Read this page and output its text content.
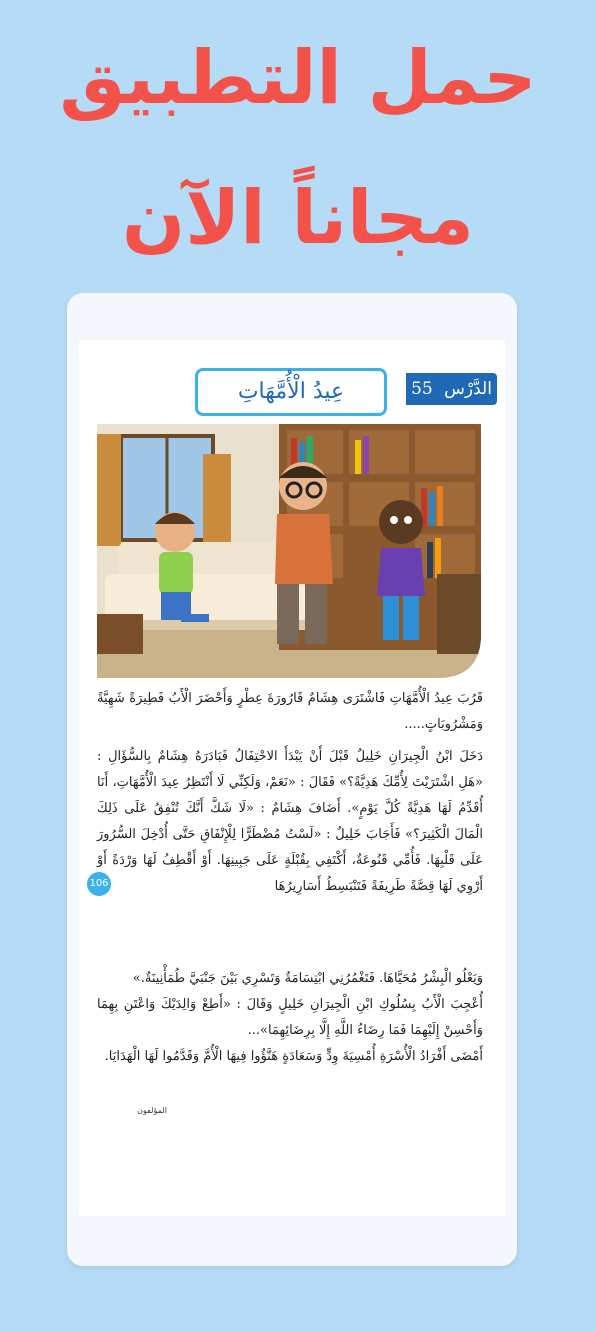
حمل التطبيق
مجاناً الآن
الدَّرْس 55
عِيدُ الْأُمَّهَاتِ

قَرُبَ عِيدُ الْأُمَّهَاتِ فَاشْتَرَى هِشَامٌ قَارُورَةَ عِطْرٍ وَأَحْضَرَ الْأَبُ فَطِيرَةً شَهِيَّةً وَمَشْرُوبَاتٍ.....

دَخَلَ ابْنُ الْجِيرَانِ خَلِيلٌ قَبْلَ أَنْ يَبْدَأَ الاحْتِفَالُ فَبَادَرَهُ هِشَامٌ بِالسُّؤَالِ : «هَلِ اشْتَرَيْتَ لِأُمِّكَ هَدِيَّةً؟» فَقَالَ : «نَعَمْ، وَلَكِنِّي لَا أَنْتَظِرُ عِيدَ الْأُمَّهَاتِ، أَنَا أُقَدِّمُ لَهَا هَدِيَّةً كُلَّ يَوْمٍ». أَضَافَ هِشَامٌ : «لَا شَكَّ أَنَّكَ تُنْفِقُ عَلَى ذَلِكَ الْمَالَ الْكَثِيرَ؟» فَأَجَابَ خَلِيلٌ : «لَسْتُ مُضْطَرًّا لِلْإِنْفَاقِ حَتَّى أُدْخِلَ السُّرُورَ عَلَى قَلْبِهَا. فَأُمِّي قَنُوعَةٌ، أَكْتَفِي بِقُبْلَةٍ عَلَى جَبِينِهَا. أَوْ أَقْطِفُ لَهَا وَرْدَةً أَوْ أَرْوِي لَهَا قِصَّةً طَرِيفَةً فَتَنْبَسِطُ أَسَارِيرُهَا

106

وَيَعْلُو الْبِشْرُ مُحَيَّاهَا. فَتَغْمُرُنِي ابْتِسَامَةٌ وَتَسْرِي بَيْنَ جَنْبَيَّ طُمَأْنِينَةٌ.»

أُعْجِبَ الْأَبُ بِسُلُوكِ ابْنِ الْجِيرَانِ خَلِيلٍ وَقَالَ : «أَطِعْ وَالِدَيْكَ وَاعْتَنِ بِهِمَا وَأَحْسِنْ إِلَيْهِمَا فَمَا رِضَاءُ اللَّهِ إِلَّا بِرِضَائِهِمَا»...

أَمْضَى أَفْرَادُ الْأُسْرَةِ أُمْسِيَةَ وِدٍّ وَسَعَادَةٍ هَنَّؤُوا فِيهَا الْأُمَّ وَقَدَّمُوا لَهَا الْهَدَايَا.

المؤلفون
